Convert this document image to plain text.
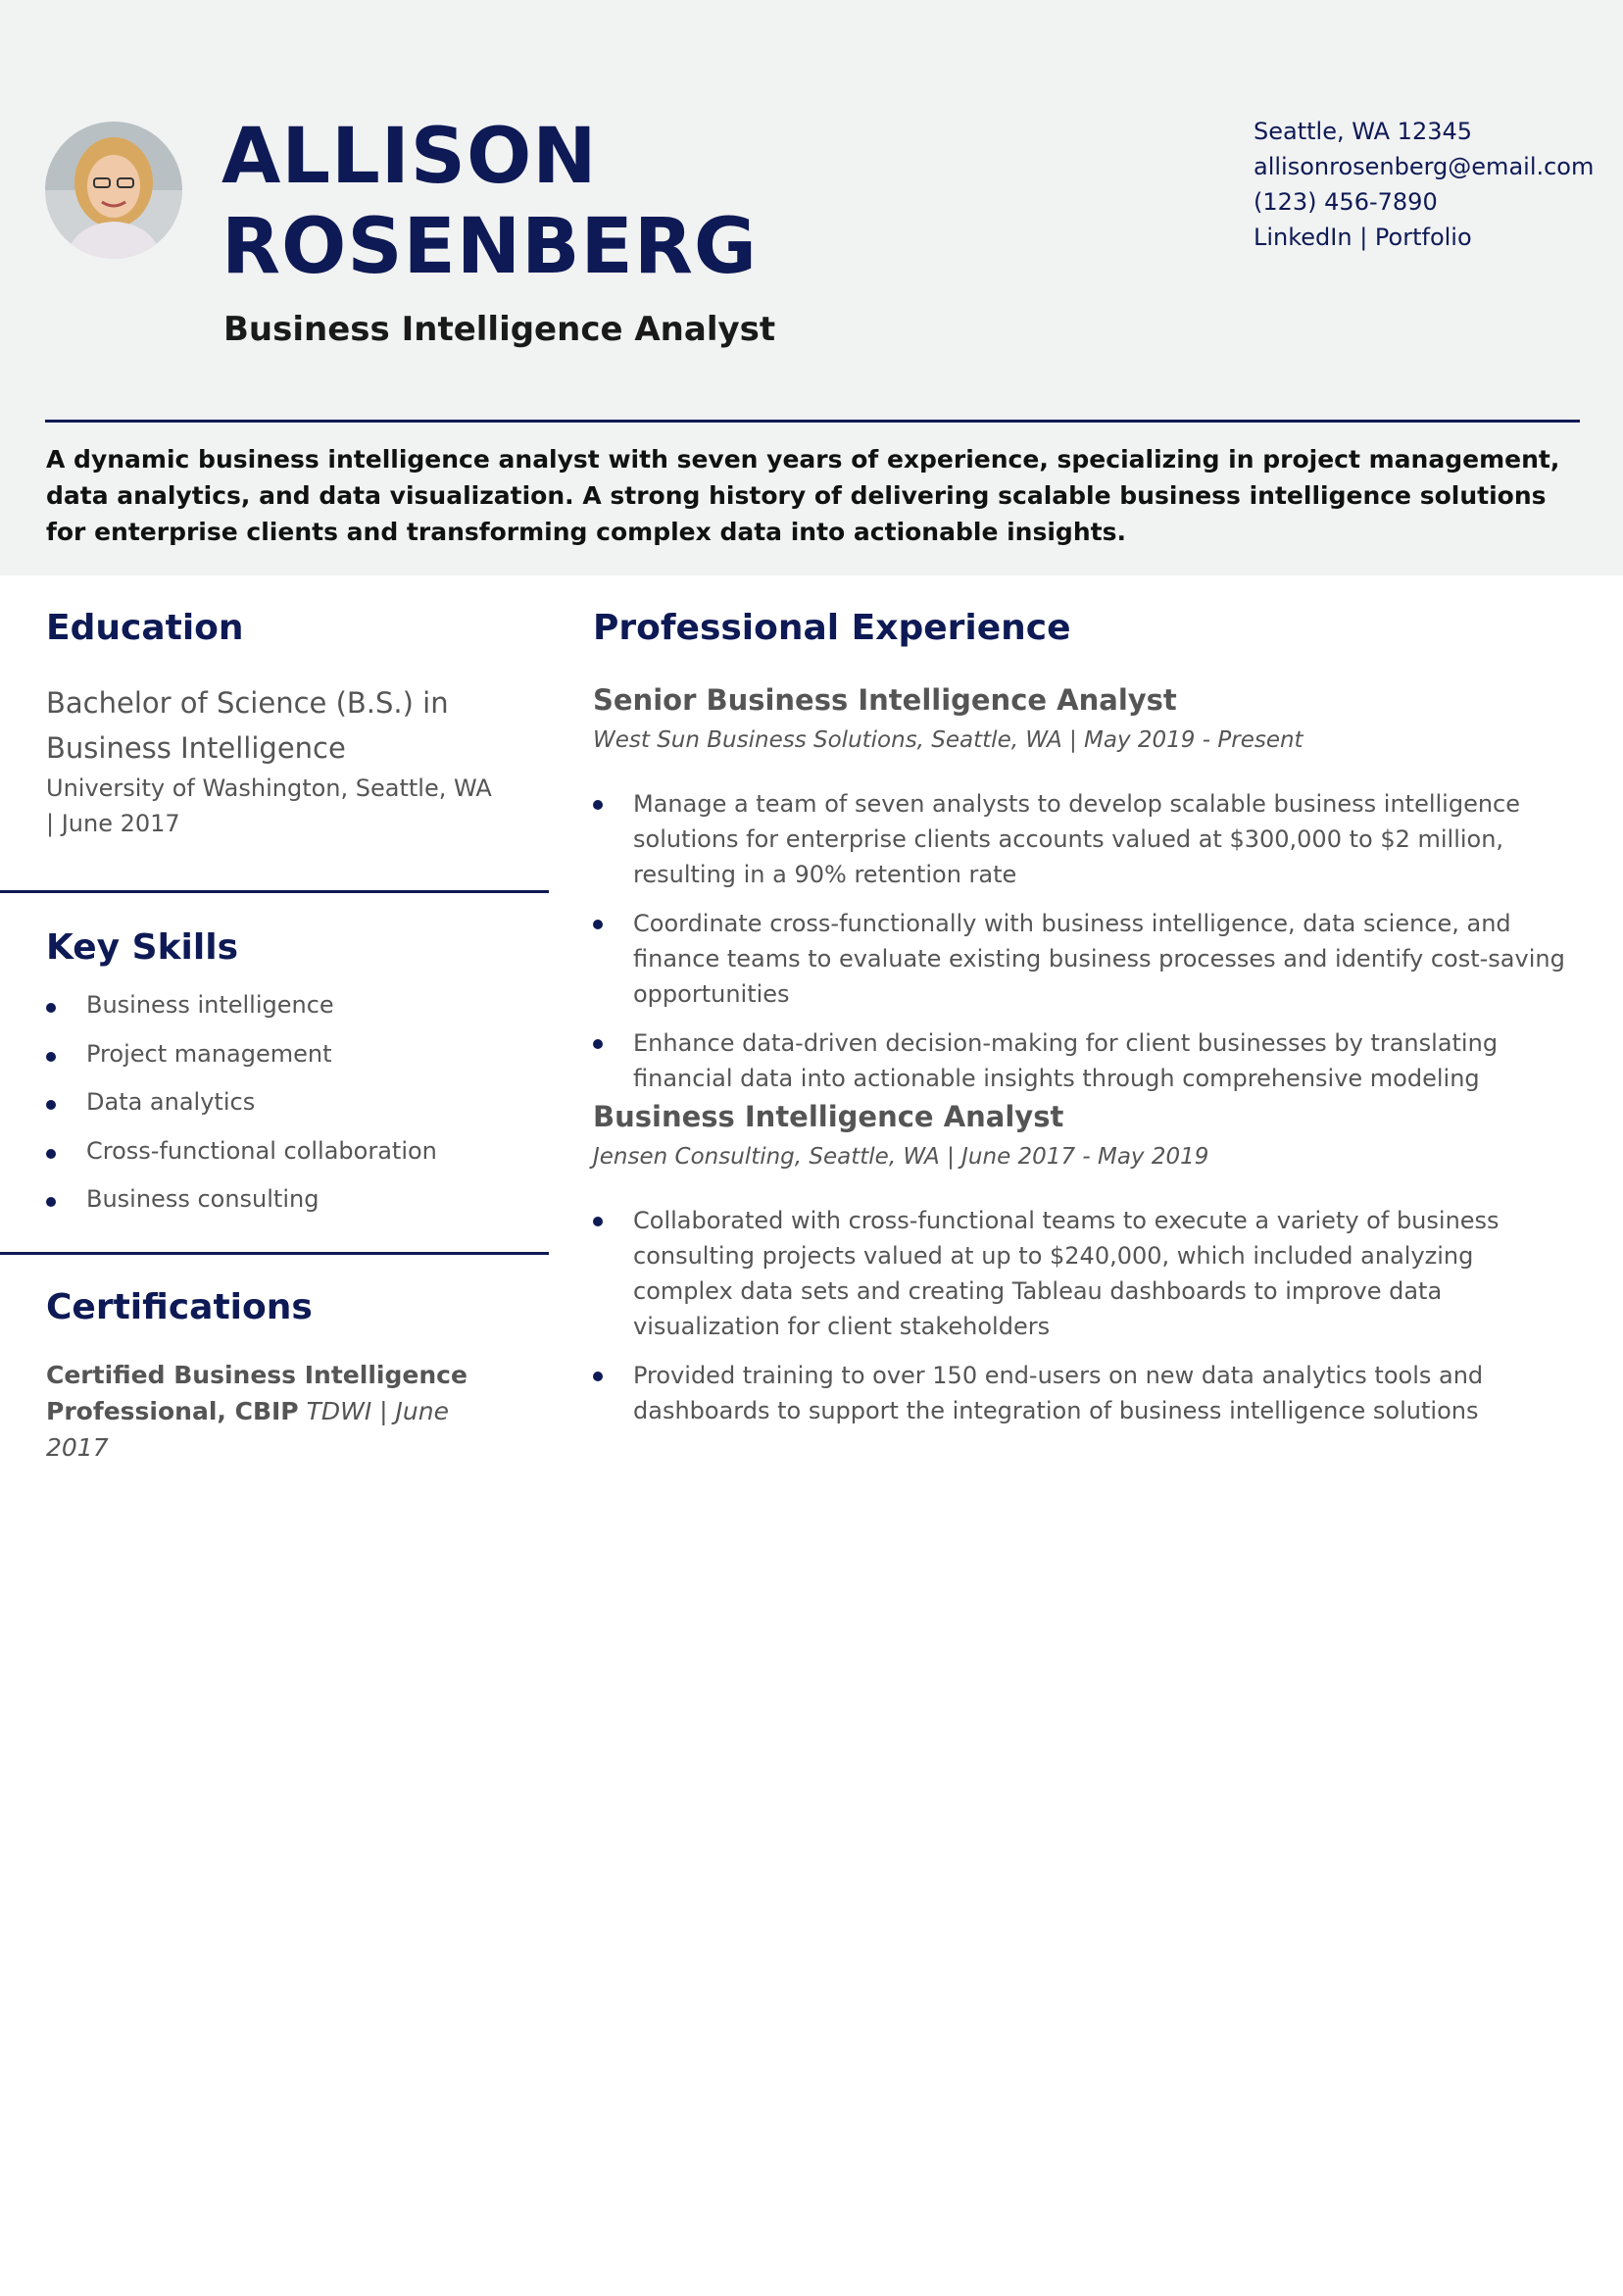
ALLISON
ROSENBERG
Business Intelligence Analyst
Seattle, WA 12345
allisonrosenberg@email.com
(123) 456-7890
LinkedIn | Portfolio
A dynamic business intelligence analyst with seven years of experience, specializing in project management, data analytics, and data visualization. A strong history of delivering scalable business intelligence solutions for enterprise clients and transforming complex data into actionable insights.
Education
Bachelor of Science (B.S.) in Business Intelligence
University of Washington, Seattle, WA | June 2017
Key Skills
Business intelligence
Project management
Data analytics
Cross-functional collaboration
Business consulting
Certifications
Certified Business Intelligence Professional, CBIP TDWI | June 2017
Professional Experience
Senior Business Intelligence Analyst
West Sun Business Solutions, Seattle, WA | May 2019 - Present
Manage a team of seven analysts to develop scalable business intelligence solutions for enterprise clients accounts valued at $300,000 to $2 million, resulting in a 90% retention rate
Coordinate cross-functionally with business intelligence, data science, and finance teams to evaluate existing business processes and identify cost-saving opportunities
Enhance data-driven decision-making for client businesses by translating financial data into actionable insights through comprehensive modeling
Business Intelligence Analyst
Jensen Consulting, Seattle, WA | June 2017 - May 2019
Collaborated with cross-functional teams to execute a variety of business consulting projects valued at up to $240,000, which included analyzing complex data sets and creating Tableau dashboards to improve data visualization for client stakeholders
Provided training to over 150 end-users on new data analytics tools and dashboards to support the integration of business intelligence solutions
